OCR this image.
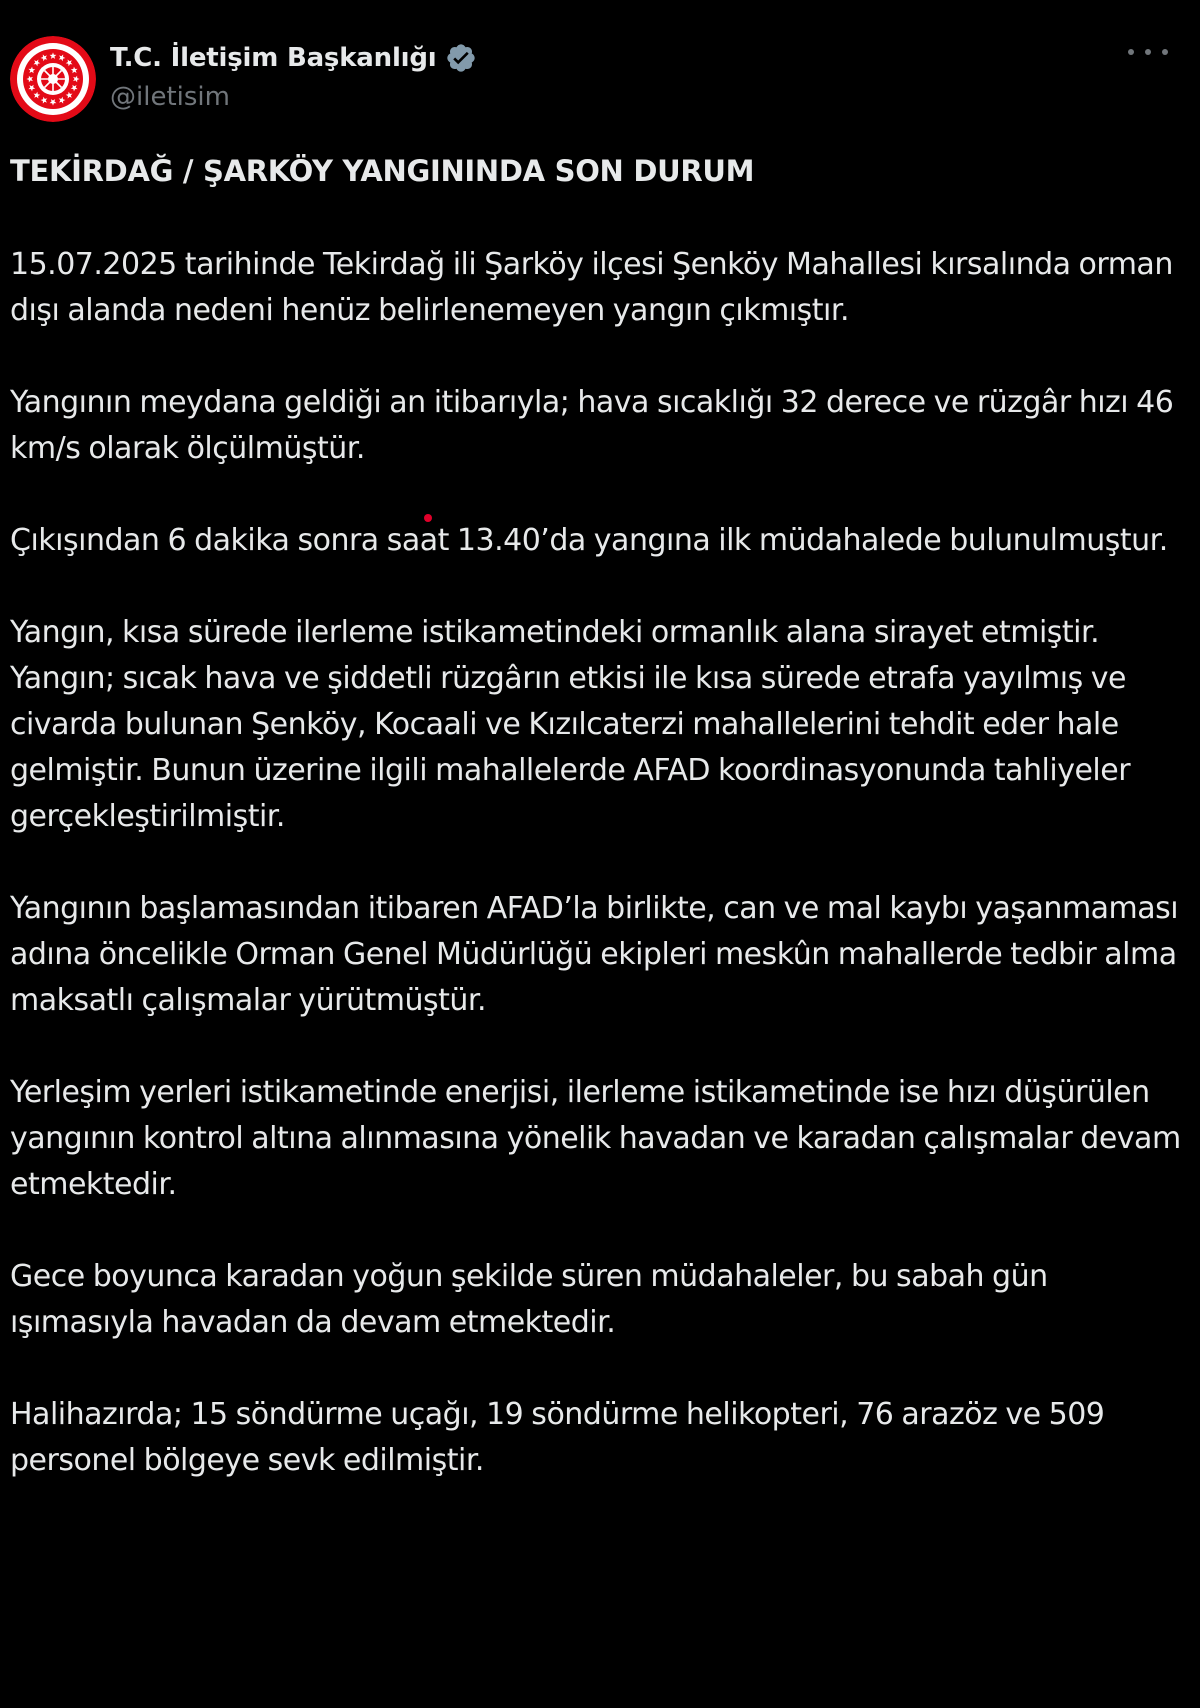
T.C. İletişim Başkanlığı
@iletisim

TEKİRDAĞ / ŞARKÖY YANGININDA SON DURUM

15.07.2025 tarihinde Tekirdağ ili Şarköy ilçesi Şenköy Mahallesi kırsalında orman dışı alanda nedeni henüz belirlenemeyen yangın çıkmıştır.

Yangının meydana geldiği an itibarıyla; hava sıcaklığı 32 derece ve rüzgâr hızı 46 km/s olarak ölçülmüştür.

Çıkışından 6 dakika sonra saat 13.40’da yangına ilk müdahalede bulunulmuştur.

Yangın, kısa sürede ilerleme istikametindeki ormanlık alana sirayet etmiştir. Yangın; sıcak hava ve şiddetli rüzgârın etkisi ile kısa sürede etrafa yayılmış ve civarda bulunan Şenköy, Kocaali ve Kızılcaterzi mahallelerini tehdit eder hale gelmiştir. Bunun üzerine ilgili mahallelerde AFAD koordinasyonunda tahliyeler gerçekleştirilmiştir.

Yangının başlamasından itibaren AFAD’la birlikte, can ve mal kaybı yaşanmaması adına öncelikle Orman Genel Müdürlüğü ekipleri meskûn mahallerde tedbir alma maksatlı çalışmalar yürütmüştür.

Yerleşim yerleri istikametinde enerjisi, ilerleme istikametinde ise hızı düşürülen yangının kontrol altına alınmasına yönelik havadan ve karadan çalışmalar devam etmektedir.

Gece boyunca karadan yoğun şekilde süren müdahaleler, bu sabah gün ışımasıyla havadan da devam etmektedir.

Halihazırda; 15 söndürme uçağı, 19 söndürme helikopteri, 76 arazöz ve 509 personel bölgeye sevk edilmiştir.
